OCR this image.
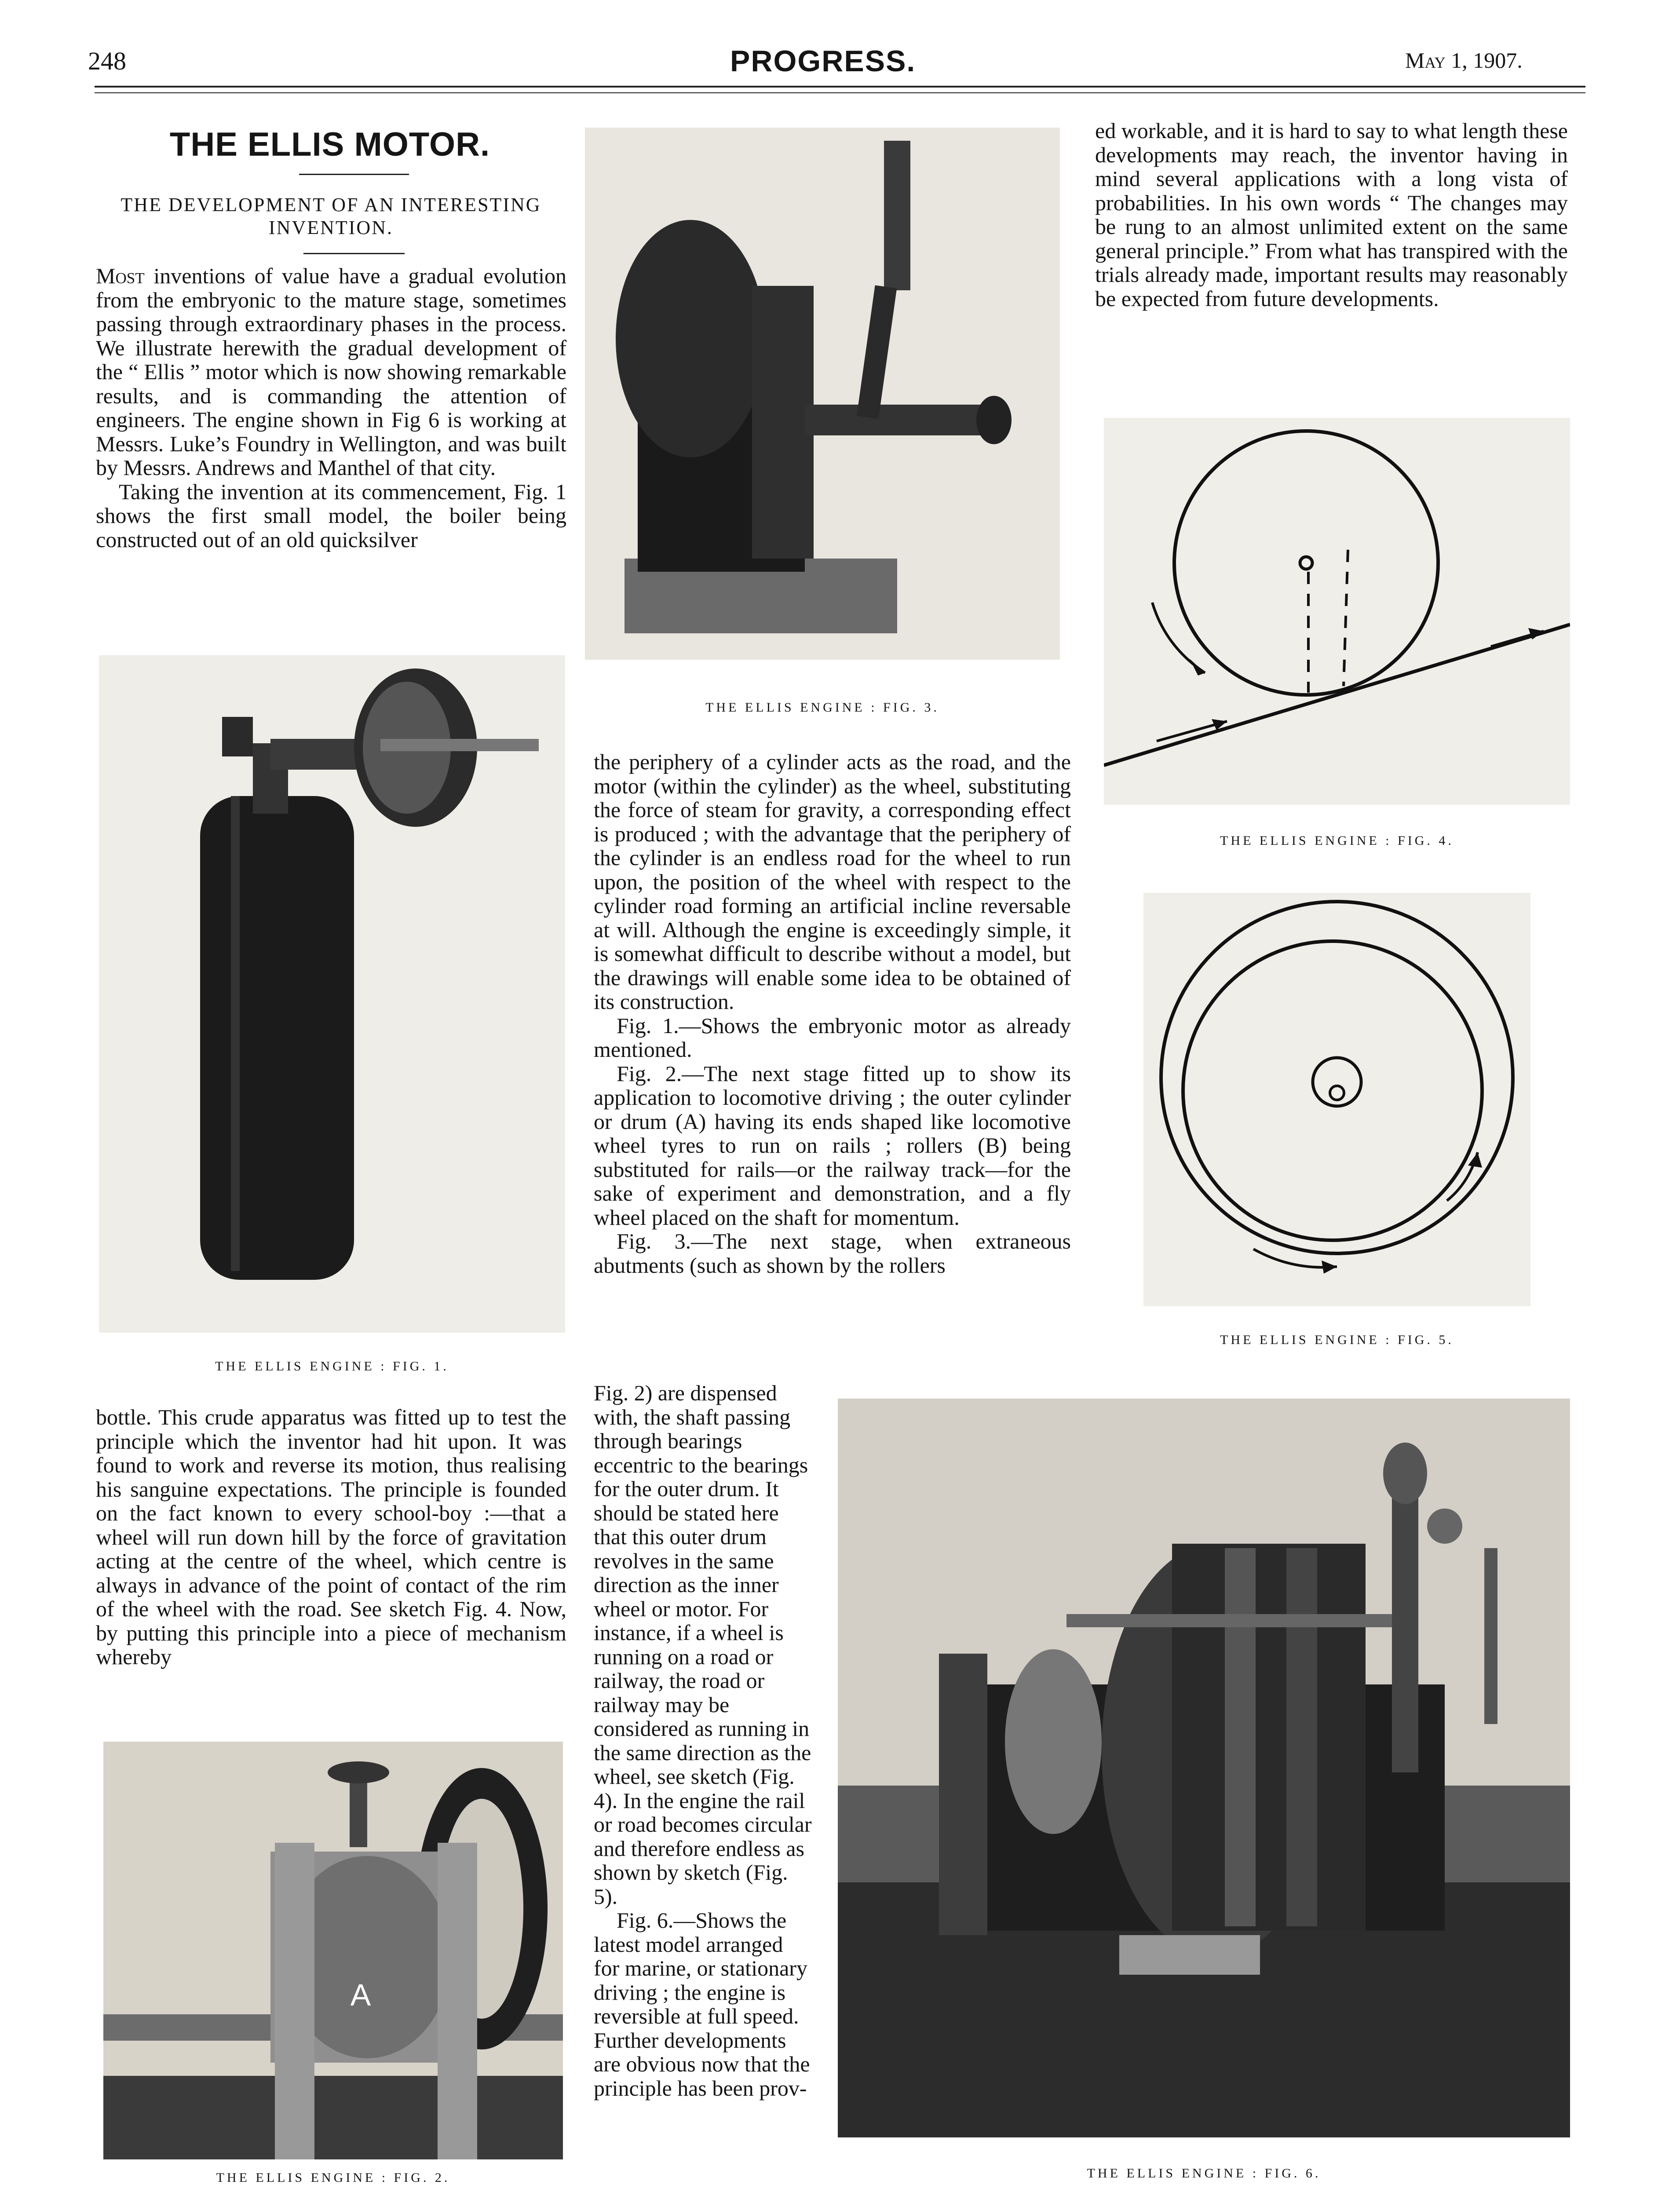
248	PROGRESS.	May 1, 1907.
THE ELLIS MOTOR.
THE DEVELOPMENT OF AN INTERESTING INVENTION.

Most inventions of value have a gradual evolution from the embryonic to the mature stage, sometimes passing through extraordinary phases in the process. We illustrate herewith the gradual development of the “ Ellis ” motor which is now showing remarkable results, and is commanding the attention of engineers. The engine shown in Fig 6 is working at Messrs. Luke’s Foundry in Wellington, and was built by Messrs. Andrews and Manthel of that city.

Taking the invention at its commencement, Fig. 1 shows the first small model, the boiler being constructed out of an old quicksilver

THE ELLIS ENGINE : FIG. 1.

bottle. This crude apparatus was fitted up to test the principle which the inventor had hit upon. It was found to work and reverse its motion, thus realising his sanguine expectations. The principle is founded on the fact known to every school-boy :—that a wheel will run down hill by the force of gravitation acting at the centre of the wheel, which centre is always in advance of the point of contact of the rim of the wheel with the road. See sketch Fig. 4. Now, by putting this principle into a piece of mechanism whereby

A
THE ELLIS ENGINE : FIG. 2.
THE ELLIS ENGINE : FIG. 3.

the periphery of a cylinder acts as the road, and the motor (within the cylinder) as the wheel, substituting the force of steam for gravity, a corresponding effect is produced ; with the advantage that the periphery of the cylinder is an endless road for the wheel to run upon, the position of the wheel with respect to the cylinder road forming an artificial incline reversable at will. Although the engine is exceedingly simple, it is somewhat difficult to describe without a model, but the drawings will enable some idea to be obtained of its construction.

Fig. 1.—Shows the embryonic motor as already mentioned.

Fig. 2.—The next stage fitted up to show its application to locomotive driving ; the outer cylinder or drum (A) having its ends shaped like locomotive wheel tyres to run on rails ; rollers (B) being substituted for rails—or the railway track—for the sake of experiment and demonstration, and a fly wheel placed on the shaft for momentum.

Fig. 3.—The next stage, when extraneous abutments (such as shown by the rollers

Fig. 2) are dispensed with, the shaft passing through bearings eccentric to the bearings for the outer drum. It should be stated here that this outer drum revolves in the same direction as the inner wheel or motor. For instance, if a wheel is running on a road or railway, the road or railway may be considered as running in the same direction as the wheel, see sketch (Fig. 4). In the engine the rail or road becomes circular and therefore endless as shown by sketch (Fig. 5).

Fig. 6.—Shows the latest model arranged for marine, or stationary driving ; the engine is reversible at full speed. Further developments are obvious now that the principle has been prov-

ed workable, and it is hard to say to what length these developments may reach, the inventor having in mind several applications with a long vista of probabilities. In his own words “ The changes may be rung to an almost unlimited extent on the same general principle.” From what has transpired with the trials already made, important results may reasonably be expected from future developments.

THE ELLIS ENGINE : FIG. 4.
THE ELLIS ENGINE : FIG. 5.
THE ELLIS ENGINE : FIG. 6.
